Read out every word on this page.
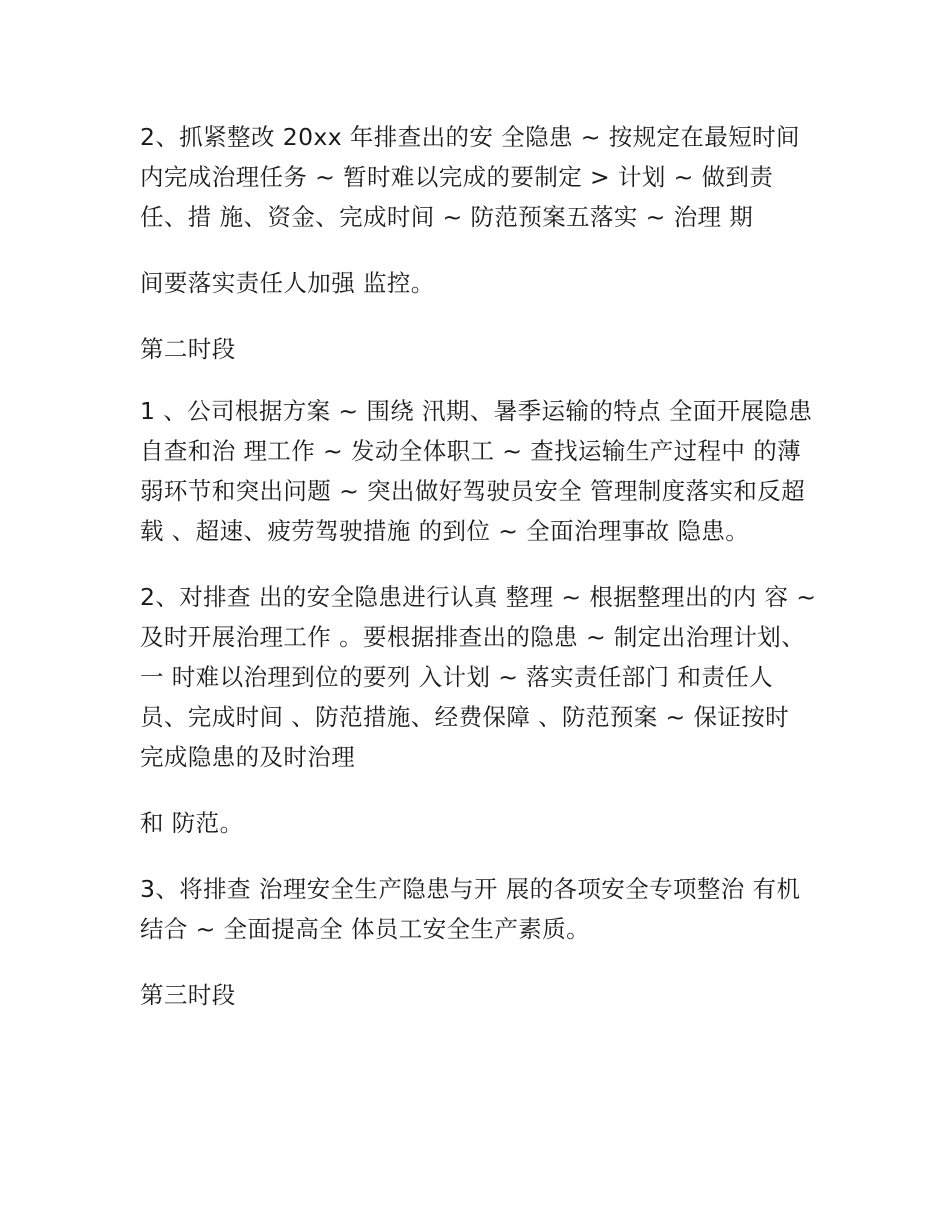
2、抓紧整改 20xx 年排查出的安 全隐患 ~ 按规定在最短时间内完成治理任务 ~ 暂时难以完成的要制定 > 计划 ~ 做到责任、措 施、资金、完成时间 ~ 防范预案五落实 ~ 治理 期

间要落实责任人加强 监控。

第二时段

1 、公司根据方案 ~ 围绕 汛期、暑季运输的特点 全面开展隐患自查和治 理工作 ~ 发动全体职工 ~ 查找运输生产过程中 的薄弱环节和突出问题 ~ 突出做好驾驶员安全 管理制度落实和反超载 、超速、疲劳驾驶措施 的到位 ~ 全面治理事故 隐患。

2、对排查 出的安全隐患进行认真 整理 ~ 根据整理出的内 容 ~ 及时开展治理工作 。要根据排查出的隐患 ~ 制定出治理计划、一 时难以治理到位的要列 入计划 ~ 落实责任部门 和责任人员、完成时间 、防范措施、经费保障 、防范预案 ~ 保证按时 完成隐患的及时治理

和 防范。

3、将排查 治理安全生产隐患与开 展的各项安全专项整治 有机结合 ~ 全面提高全 体员工安全生产素质。

第三时段
